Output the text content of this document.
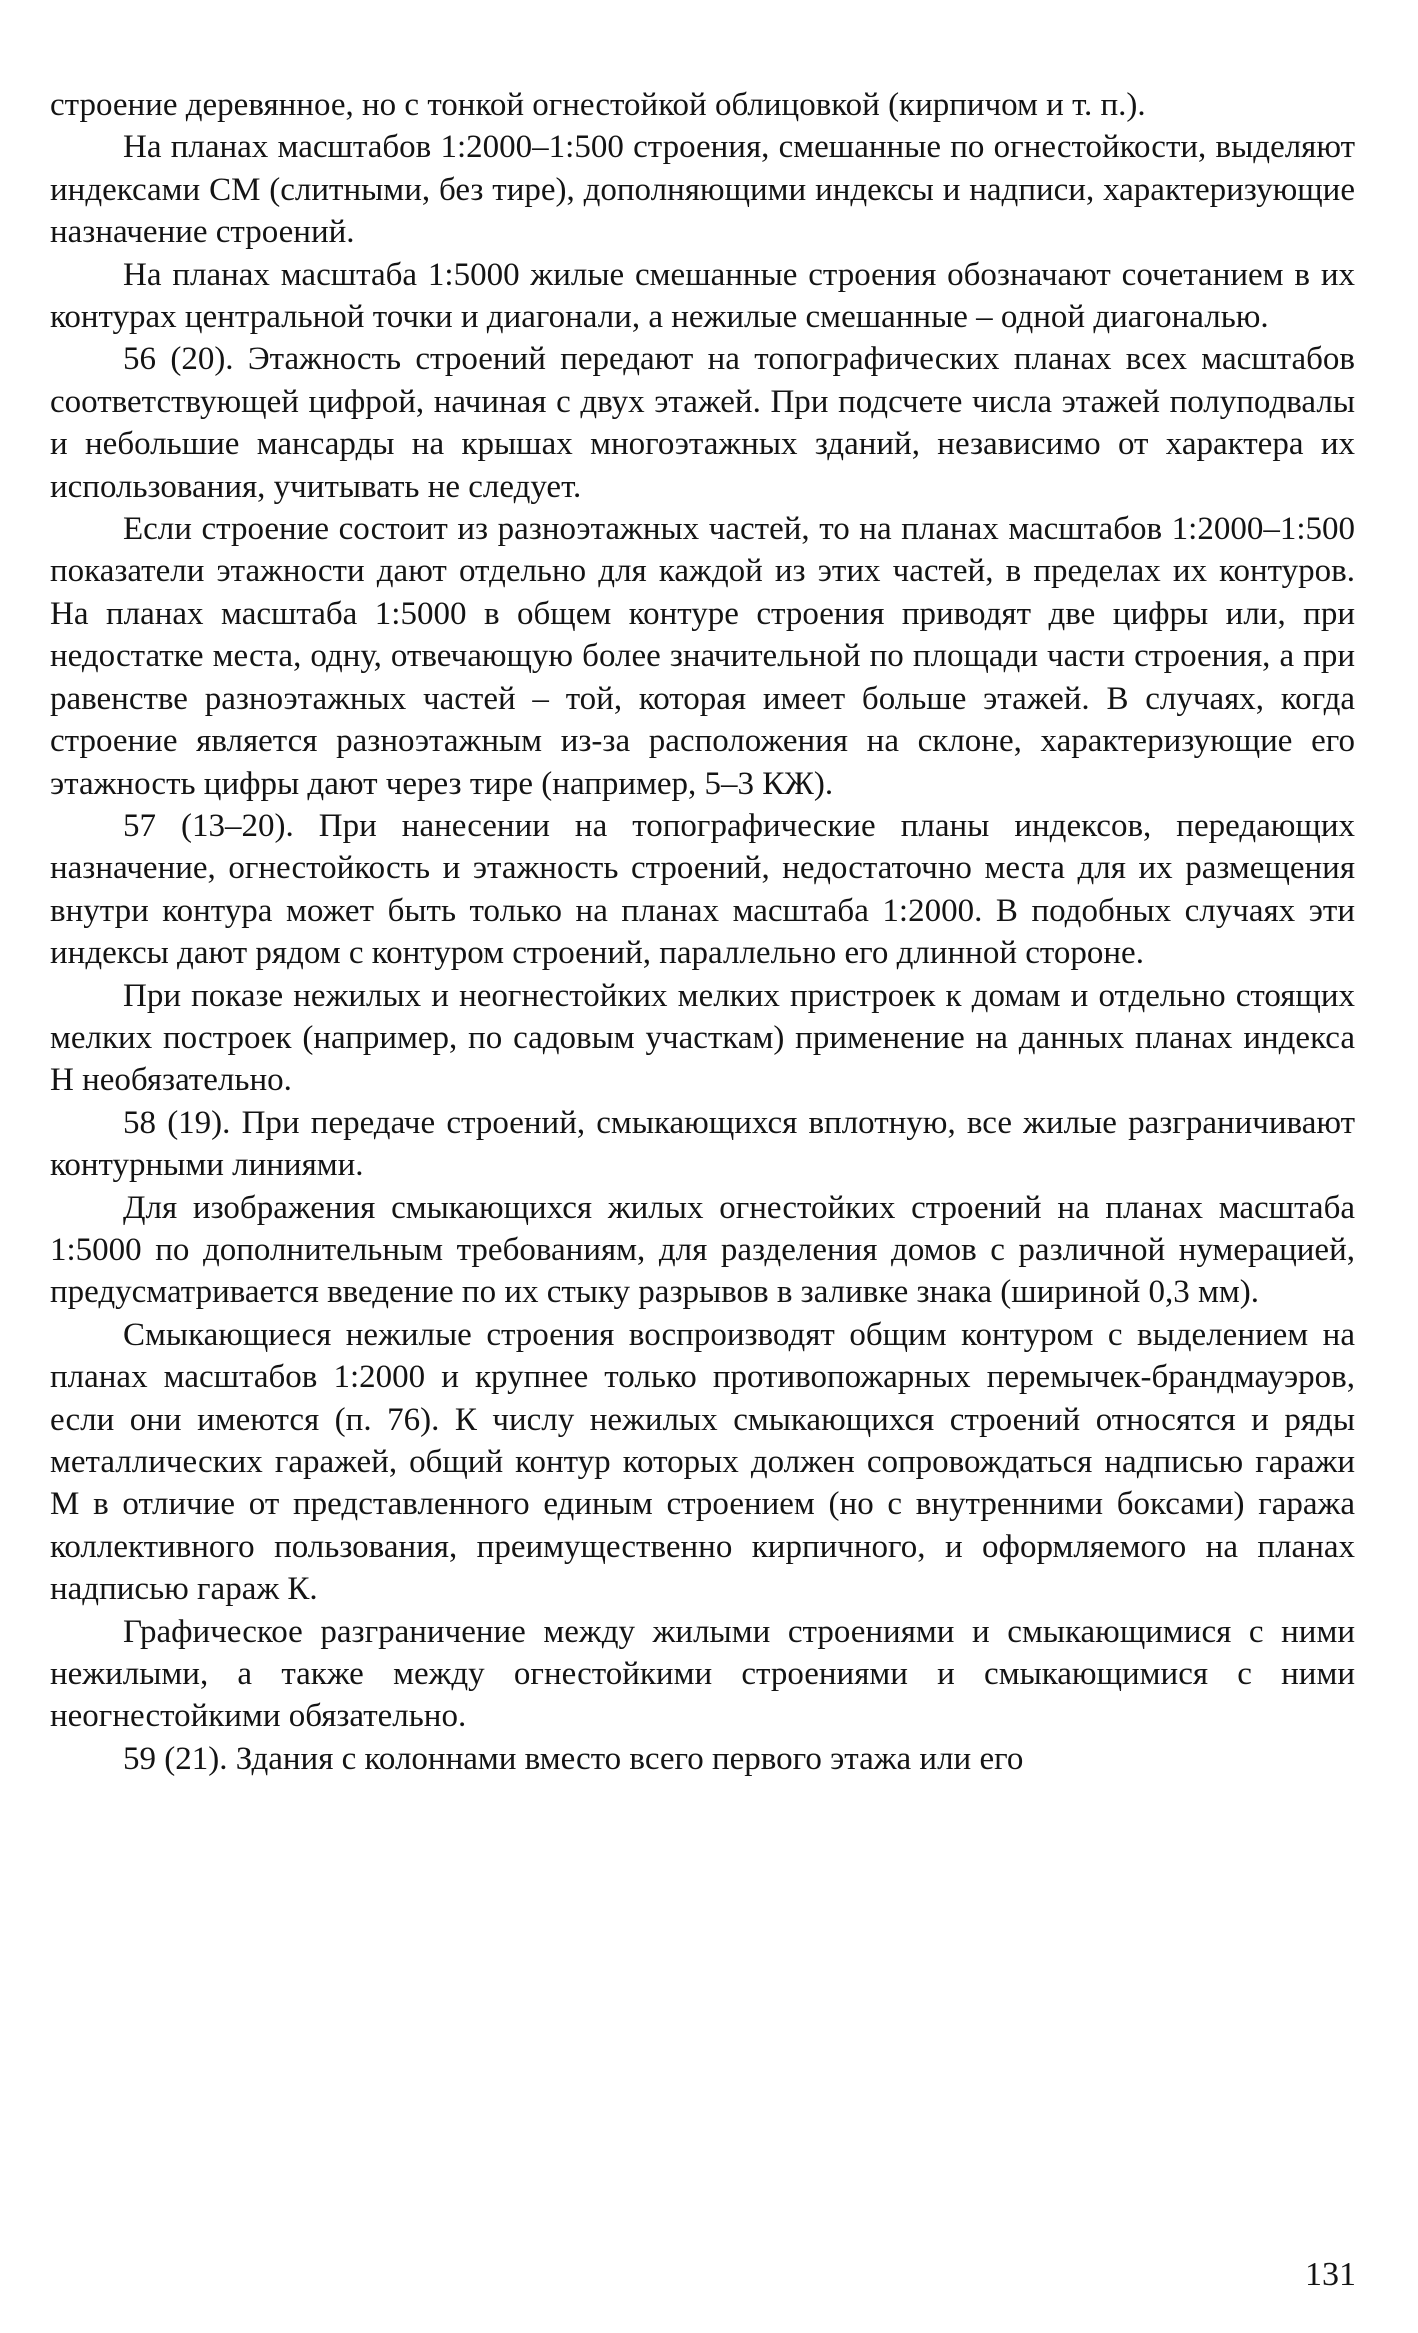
строение деревянное, но с тонкой огнестойкой облицовкой (кирпичом и т. п.).

На планах масштабов 1:2000–1:500 строения, смешанные по огнестойкости, выделяют индексами СМ (слитными, без тире), дополняющими индексы и надписи, характеризующие назначение строений.

На планах масштаба 1:5000 жилые смешанные строения обозначают сочетанием в их контурах центральной точки и диагонали, а нежилые смешанные – одной диагональю.

56 (20). Этажность строений передают на топографических планах всех масштабов соответствующей цифрой, начиная с двух этажей. При подсчете числа этажей полуподвалы и небольшие мансарды на крышах многоэтажных зданий, независимо от характера их использования, учитывать не следует.

Если строение состоит из разноэтажных частей, то на планах масштабов 1:2000–1:500 показатели этажности дают отдельно для каждой из этих частей, в пределах их контуров. На планах масштаба 1:5000 в общем контуре строения приводят две цифры или, при недостатке места, одну, отвечающую более значительной по площади части строения, а при равенстве разноэтажных частей – той, которая имеет больше этажей. В случаях, когда строение является разноэтажным из-за расположения на склоне, характеризующие его этажность цифры дают через тире (например, 5–3 КЖ).

57 (13–20). При нанесении на топографические планы индексов, передающих назначение, огнестойкость и этажность строений, недостаточно места для их размещения внутри контура может быть только на планах масштаба 1:2000. В подобных случаях эти индексы дают рядом с контуром строений, параллельно его длинной стороне.

При показе нежилых и неогнестойких мелких пристроек к домам и отдельно стоящих мелких построек (например, по садовым участкам) применение на данных планах индекса Н необязательно.

58 (19). При передаче строений, смыкающихся вплотную, все жилые разграничивают контурными линиями.

Для изображения смыкающихся жилых огнестойких строений на планах масштаба 1:5000 по дополнительным требованиям, для разделения домов с различной нумерацией, предусматривается введение по их стыку разрывов в заливке знака (шириной 0,3 мм).

Смыкающиеся нежилые строения воспроизводят общим контуром с выделением на планах масштабов 1:2000 и крупнее только противопожарных перемычек-брандмауэров, если они имеются (п. 76). К числу нежилых смыкающихся строений относятся и ряды металлических гаражей, общий контур которых должен сопровождаться надписью гаражи М в отличие от представленного единым строением (но с внутренними боксами) гаража коллективного пользования, преимущественно кирпичного, и оформляемого на планах надписью гараж К.

Графическое разграничение между жилыми строениями и смыкающимися с ними нежилыми, а также между огнестойкими строениями и смыкающимися с ними неогнестойкими обязательно.

59 (21). Здания с колоннами вместо всего первого этажа или его

131
